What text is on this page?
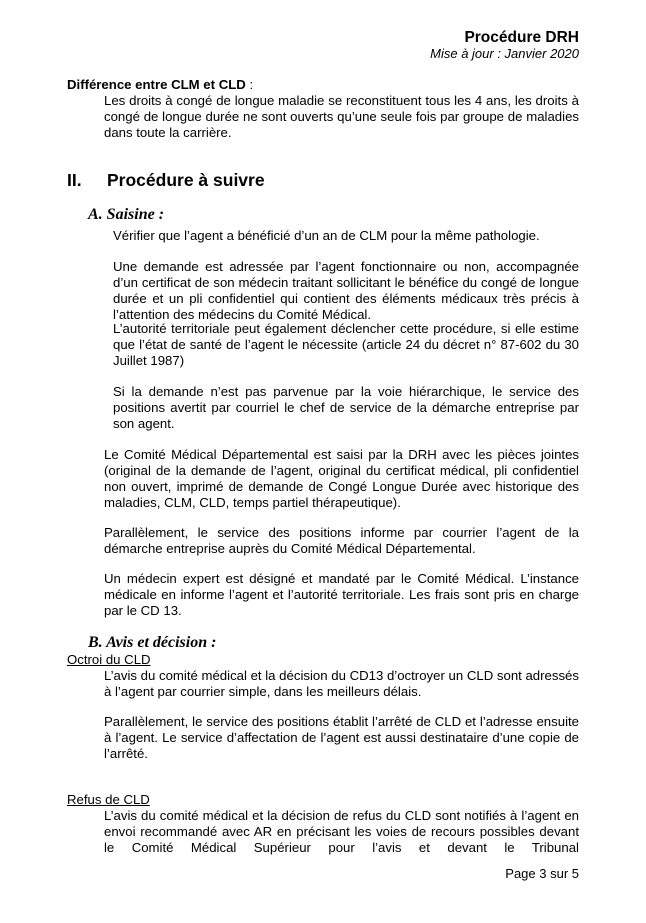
Procédure DRH
Mise à jour : Janvier 2020
Différence entre CLM et CLD :
Les droits à congé de longue maladie se reconstituent tous les 4 ans, les droits à congé de longue durée ne sont ouverts qu’une seule fois par groupe de maladies dans toute la carrière.
II. Procédure à suivre
A. Saisine :
Vérifier que l’agent a bénéficié d’un an de CLM pour la même pathologie.
Une demande est adressée par l’agent fonctionnaire ou non, accompagnée d’un certificat de son médecin traitant sollicitant le bénéfice du congé de longue durée et un pli confidentiel qui contient des éléments médicaux très précis à l’attention des médecins du Comité Médical.
L’autorité territoriale peut également déclencher cette procédure, si elle estime que l’état de santé de l’agent le nécessite (article 24 du décret n° 87-602 du 30 Juillet 1987)
Si la demande n’est pas parvenue par la voie hiérarchique, le service des positions avertit par courriel le chef de service de la démarche entreprise par son agent.
Le Comité Médical Départemental est saisi par la DRH avec les pièces jointes (original de la demande de l’agent, original du certificat médical, pli confidentiel non ouvert, imprimé de demande de Congé Longue Durée avec historique des maladies, CLM, CLD, temps partiel thérapeutique).
Parallèlement, le service des positions informe par courrier l’agent de la démarche entreprise auprès du Comité Médical Départemental.
Un médecin expert est désigné et mandaté par le Comité Médical. L’instance médicale en informe l’agent et l’autorité territoriale. Les frais sont pris en charge par le CD 13.
B. Avis et décision :
Octroi du CLD
L’avis du comité médical et la décision du CD13 d’octroyer un CLD sont adressés à l’agent par courrier simple, dans les meilleurs délais.
Parallèlement, le service des positions établit l’arrêté de CLD et l’adresse ensuite à l’agent. Le service d’affectation de l’agent est aussi destinataire d’une copie de l’arrêté.
Refus de CLD
L’avis du comité médical et la décision de refus du CLD sont notifiés à l’agent en envoi recommandé avec AR en précisant les voies de recours possibles devant le Comité Médical Supérieur pour l’avis et devant le Tribunal
Page 3 sur 5
